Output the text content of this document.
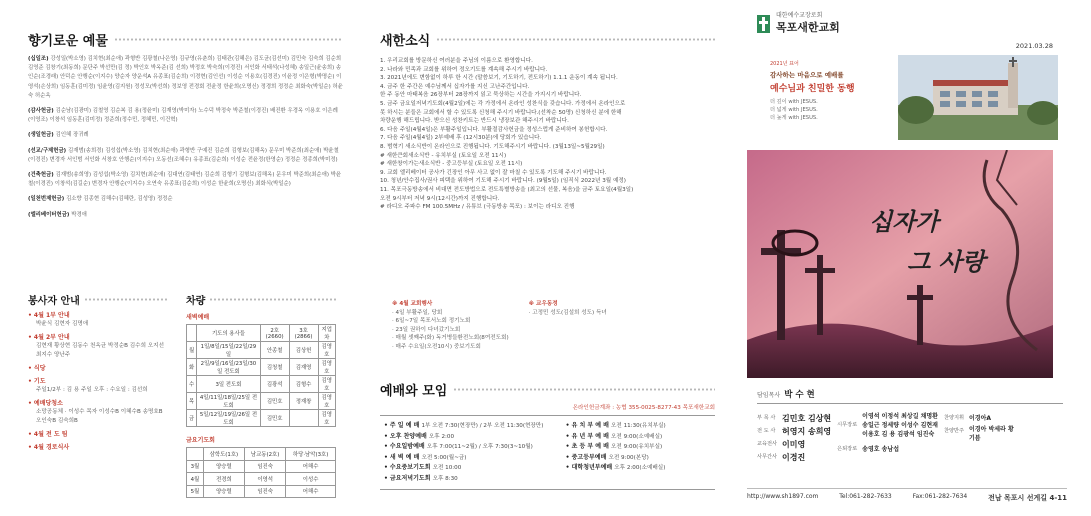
향기로운 예물
(십일조) 강성일(박소영) 김치현(최순애) 곽형반 김광철(나은영) 김규영(유춘희) 김태관(김혜은) 김도균(김선미) 김민숙 김숙희 김순희 김영준 김창기(최동희) 문단주 박선만(김 정) 박인호 박옥준(김 선희) 박정호 박숙희(이경진) 서인화 서태석(나성혜) 송일근(윤송희) 송인순(조경래) 안덕순 안행순(이지수) 양순자 양운석A 유종표(김순희) 이경현(김인선) 이성순 이용호(김경진) 이윤정 이은형(박명순) 이영석(손상희) 임동훈(김미정) 임윤영(김지원) 정성모(박선희) 정보영 전경회 전윤정 한윤희(오명신) 정경희 정정순 최화숙(박일순) 허윤숙 허순옥
(감사헌금) 김순남(김광미) 김철영 김순복 김 용(정윤미) 김재영(박미자) 노수덕 박정숙 박준철(이경진) 배진환 우경옥 이용호 이은례(이영조) 이창석 임동훈(김미정) 정준희(정수민, 정혜민, 이건혁)
(생일헌금) 김인혜 장귀례
(선교/구제헌금) 김재범(송희경) 김성섭(박소영) 김치현(최순애) 곽형반 구예진 김순희 김형보(김해옥) 문우미 박준희(최순애) 박윤철(이경진) 변경자 서인범 서인화 서창호 안행순(이지수) 오동선(조혜수) 유종표(김순희) 이성순 전윤정(한영순) 정정순 정종희(박미정)
(건축헌금) 김재범(송희영) 김성섭(박소영) 김치현(최순애) 김대연(김태연) 김순희 김형기 김형보(김해옥) 문우미 박준희(최순애) 박윤철(이경진) 이창석(김길순) 변경자 안행순(이지수) 오연숙 유종표(김순희) 이성순 한윤희(오명신) 최화식(박일순)
(일천번제헌금) 김소향 김종현 김해수(김혜란, 김성영) 정정순
(엘리베이터헌금) 박경애
봉사자 안내
• 4월 1부 안내
박윤식 김현자 김명애
• 4월 2부 안내
김현재 황상현 김동수 천옥균 박정순B 김수희 오지선 최지수 양난주
• 식당
• 기도
주일1/2부 : 김 용 주일 오후 : 수요일 : 김선희
• 예배당청소
소망공동체 · 이성수 목자 이성수B 이혜수B 송명호B 오인숙B 김숙희B
• 4월 전 도 팀
• 4월 경로식사
차량
새벽예배
	기도의 용사들	2호(2660)	3호(2866)	지업차
월	1일/8일/15일/22일/29일	안종철	김상헌	김영호
화	2일/9일/16일/23일/30일 전도회	김청철	김재영	김영호
수	3일 전도회	김광석	김형수	김영호
목	4일/11일/18일/25일 전도회	김민호	정재창	김영호
금	5일/12일/19일/26일 전도회	김민호		김영호
금요기도회
	삼학도(1호)	남교동(2호)	하당·남악(3호)
3월	양승렬	임진숙	어해수
4월	전경희	이영석	이성수
5월	양승렬	임진숙	어해수
새한소식
1. 우리교회를 방문하신 여러분을 주님의 이름으로 환영합니다.
2. 나라와 민족과 교회를 위하여 정오기도를 계속해 주시기 바랍니다.
3. 2021년에도 변함없이 하루 한 시간 (말씀보기, 기도하기, 전도하기) 1.1.1 운동이 계속 됩니다.
4. 금주 한 주간은 예수님께서 십자가를 지신 고난주간입니다.
한 주 동안 마태복음 26장부터 28장까지 읽고 묵상하는 시간을 가지시기 바랍니다.
5. 금주 금요일저녁기도회(4월2일)에는 각 가정에서 온라인 성찬식을 갖습니다. 가정에서 온라인으로
못 하시는 분들은 교회에서 할 수 있도록 신청해 주시기 바랍니다.(선착순 50명) 신청하신 분에 한해
차량운행 해드립니다. 받으신 성찬키트는 반드시 냉장보관 해주시기 바랍니다.
6. 다음 주일(4월4일)은 부활주일입니다. 부활절감사헌금을 정성스럽게 준비하여 봉헌합시다.
7. 다음 주일(4월4일) 2부예배 후 (12시30분)에 당회가 있습니다.
8. 범혁기 새소식반이 온라인으로 진행됩니다. 기도해주시기 바랍니다. (3월13일~5월29일)
# 새한큰회새소식반 - 유치부실 (토요일 오전 11시)
# 새한창이가는새소식반 - 중고등부실 (토요일 오전 11시)
9. 교회 엘리베이터 공사가 긴장인 아무 사고 없이 잘 마칠 수 있도록 기도해 주시기 바랍니다.
10. 청년/안수집사/권사 피택을 위하여 기도해 주시기 바랍니다. (9월5일) (임직식 2022년 3월 예정)
11. 목포극동방송에서 비대면 전도방법으로 전도특별방송을 (최고의 선물, 복음)을 금주 토요일(4월3일)
오전 9시부터 저녁 9시(12시간)까지 진행합니다.
# 라디오 주파수 FM 100.5MHz / 유튜브 (극동방송 목포) : 보이는 라디오 진행
※ 4월 교회행사
· 4일 부활주일, 당회
· 6일~7일 목포서노회 정기노회
· 23일 권하이 다녀갔기노회
· 매월 셋째주(화) 독거병들환전노회(8여전도회)
· 매주 수요일(오전10시) 중보기도회
※ 교우동정
· 고정민 성도(김설희 성도) 득녀
예배와 모임
온라인헌금계좌 : 농협 355-0025-8277-43 목포새한교회
• 주 일 예 배 1부 오전 7:30(현장만) / 2부 오전 11:30(현장만)
• 오후 찬양예배 오후 2:00
• 수요일밤예배 오후 7:00(11~2월) / 오후 7:30(3~10월)
• 새 벽 예 배 오전 5:00(월~금)
• 수요중보기도회 오전 10:00
• 금요저녁기도회 오후 8:30
• 유 치 부 예 배 오전 11:30(유치부실)
• 유 년 부 예 배 오전 9:00(소예배실)
• 초 등 부 예 배 오전 9:00(유치부실)
• 중고등부예배 오전 9:00(본당)
• 대학청년부예배 오후 2:00(소예배실)
대한예수교장로회
목포새한교회
2021.03.28
2021년 표어
감사하는 마음으로 예배를
예수님과 친밀한 동행
더 깊이 with JESUS.
더 넓게 with JESUS.
더 높게 with JESUS.
십자가
그 사랑
담임목사 박 수 현
부 목 사 김민호 김상현
전 도 사 허영지 송희영
교육전사 이미영
사무간사 이경진
시무장로
이영석 이정석 최상길 채명환
송일근 정세량 이성수 김현재
이용호 김 용 김광석 임진숙
은퇴장로 송영호 송남섭
찬양지휘 이경아A
찬양반주 이경아 박세라 황기븜
http://www.sh1897.com	Tel:061-282-7633	Fax:061-282-7634	전남 목포시 선게길 4-11
